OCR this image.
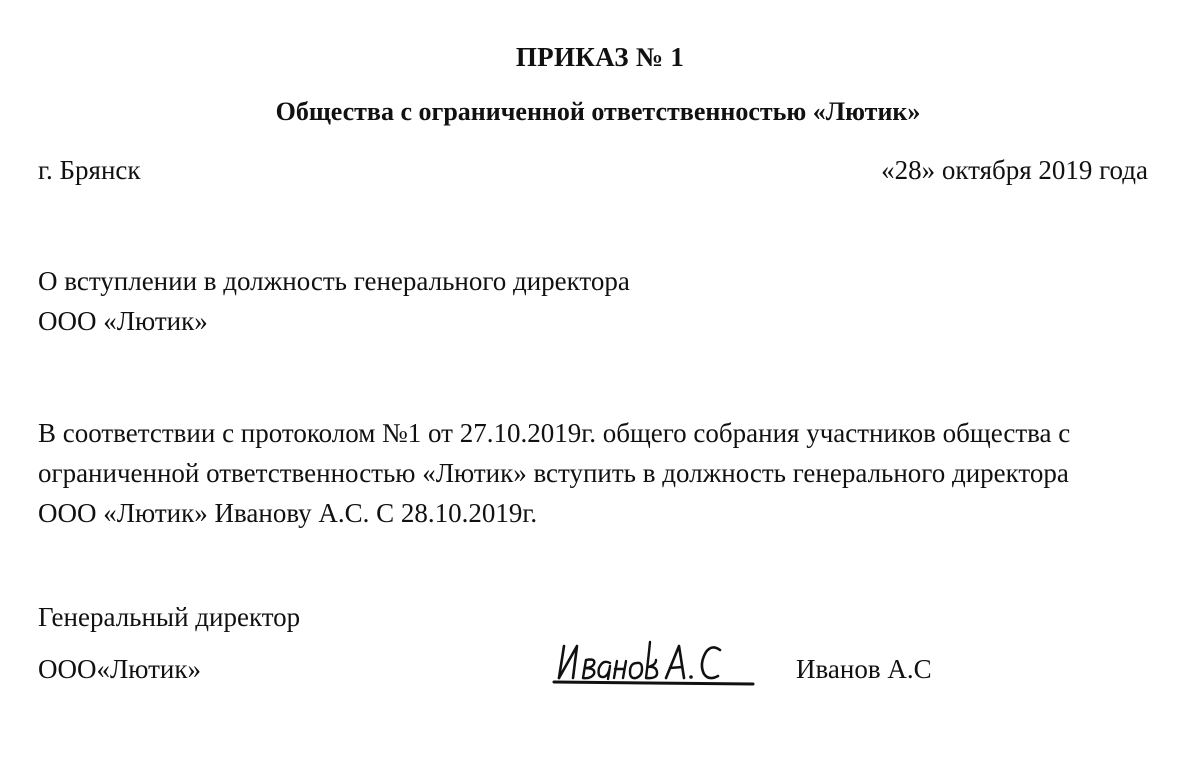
ПРИКАЗ № 1
Общества с ограниченной ответственностью «Лютик»
г. Брянск	«28» октября 2019 года
О вступлении в должность генерального директора
ООО «Лютик»
В соответствии с протоколом №1 от 27.10.2019г. общего собрания участников общества с
ограниченной ответственностью «Лютик» вступить в должность генерального директора
ООО «Лютик» Иванову А.С. С 28.10.2019г.
Генеральный директор
ООО«Лютик»	Иванов А.С
